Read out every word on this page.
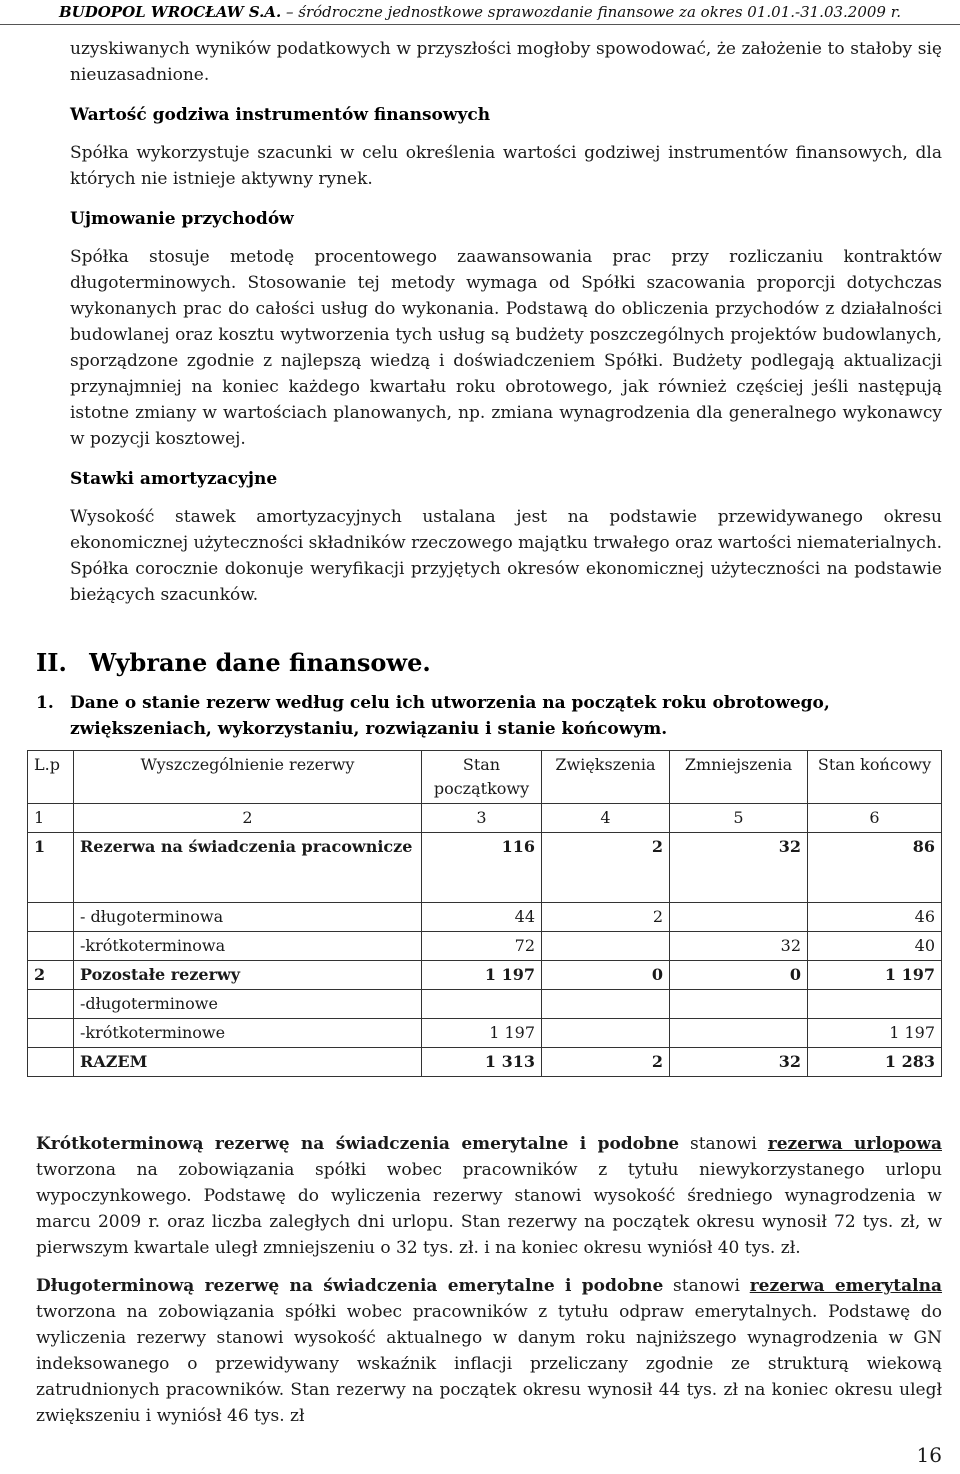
BUDOPOL WROCŁAW S.A. – śródroczne jednostkowe sprawozdanie finansowe za okres 01.01.-31.03.2009 r.

uzyskiwanych wyników podatkowych w przyszłości mogłoby spowodować, że założenie to stałoby się nieuzasadnione.

Wartość godziwa instrumentów finansowych

Spółka wykorzystuje szacunki w celu określenia wartości godziwej instrumentów finansowych, dla których nie istnieje aktywny rynek.

Ujmowanie przychodów

Spółka stosuje metodę procentowego zaawansowania prac przy rozliczaniu kontraktów długoterminowych. Stosowanie tej metody wymaga od Spółki szacowania proporcji dotychczas wykonanych prac do całości usług do wykonania. Podstawą do obliczenia przychodów z działalności budowlanej oraz kosztu wytworzenia tych usług są budżety poszczególnych projektów budowlanych, sporządzone zgodnie z najlepszą wiedzą i doświadczeniem Spółki. Budżety podlegają aktualizacji przynajmniej na koniec każdego kwartału roku obrotowego, jak również częściej jeśli następują istotne zmiany w wartościach planowanych, np. zmiana wynagrodzenia dla generalnego wykonawcy w pozycji kosztowej.

Stawki amortyzacyjne

Wysokość stawek amortyzacyjnych ustalana jest na podstawie przewidywanego okresu ekonomicznej użyteczności składników rzeczowego majątku trwałego oraz wartości niematerialnych. Spółka corocznie dokonuje weryfikacji przyjętych okresów ekonomicznej użyteczności na podstawie bieżących szacunków.

II. Wybrane dane finansowe.
1. Dane o stanie rezerw według celu ich utworzenia na początek roku obrotowego, zwiększeniach, wykorzystaniu, rozwiązaniu i stanie końcowym.
L.p	Wyszczególnienie rezerwy	Stan początkowy	Zwiększenia	Zmniejszenia	Stan końcowy
1	2	3	4	5	6
1	Rezerwa na świadczenia pracownicze	116	2	32	86
	- długoterminowa	44	2		46
	-krótkoterminowa	72		32	40
2	Pozostałe rezerwy	1 197	0	0	1 197
	-długoterminowe				
	-krótkoterminowe	1 197			1 197
	RAZEM	1 313	2	32	1 283

Krótkoterminową rezerwę na świadczenia emerytalne i podobne stanowi rezerwa urlopowa tworzona na zobowiązania spółki wobec pracowników z tytułu niewykorzystanego urlopu wypoczynkowego. Podstawę do wyliczenia rezerwy stanowi wysokość średniego wynagrodzenia w marcu 2009 r. oraz liczba zaległych dni urlopu. Stan rezerwy na początek okresu wynosił 72 tys. zł, w pierwszym kwartale uległ zmniejszeniu o 32 tys. zł. i na koniec okresu wyniósł 40 tys. zł.

Długoterminową rezerwę na świadczenia emerytalne i podobne stanowi rezerwa emerytalna tworzona na zobowiązania spółki wobec pracowników z tytułu odpraw emerytalnych. Podstawę do wyliczenia rezerwy stanowi wysokość aktualnego w danym roku najniższego wynagrodzenia w GN indeksowanego o przewidywany wskaźnik inflacji przeliczany zgodnie ze strukturą wiekową zatrudnionych pracowników. Stan rezerwy na początek okresu wynosił 44 tys. zł na koniec okresu uległ zwiększeniu i wyniósł 46 tys. zł

16
